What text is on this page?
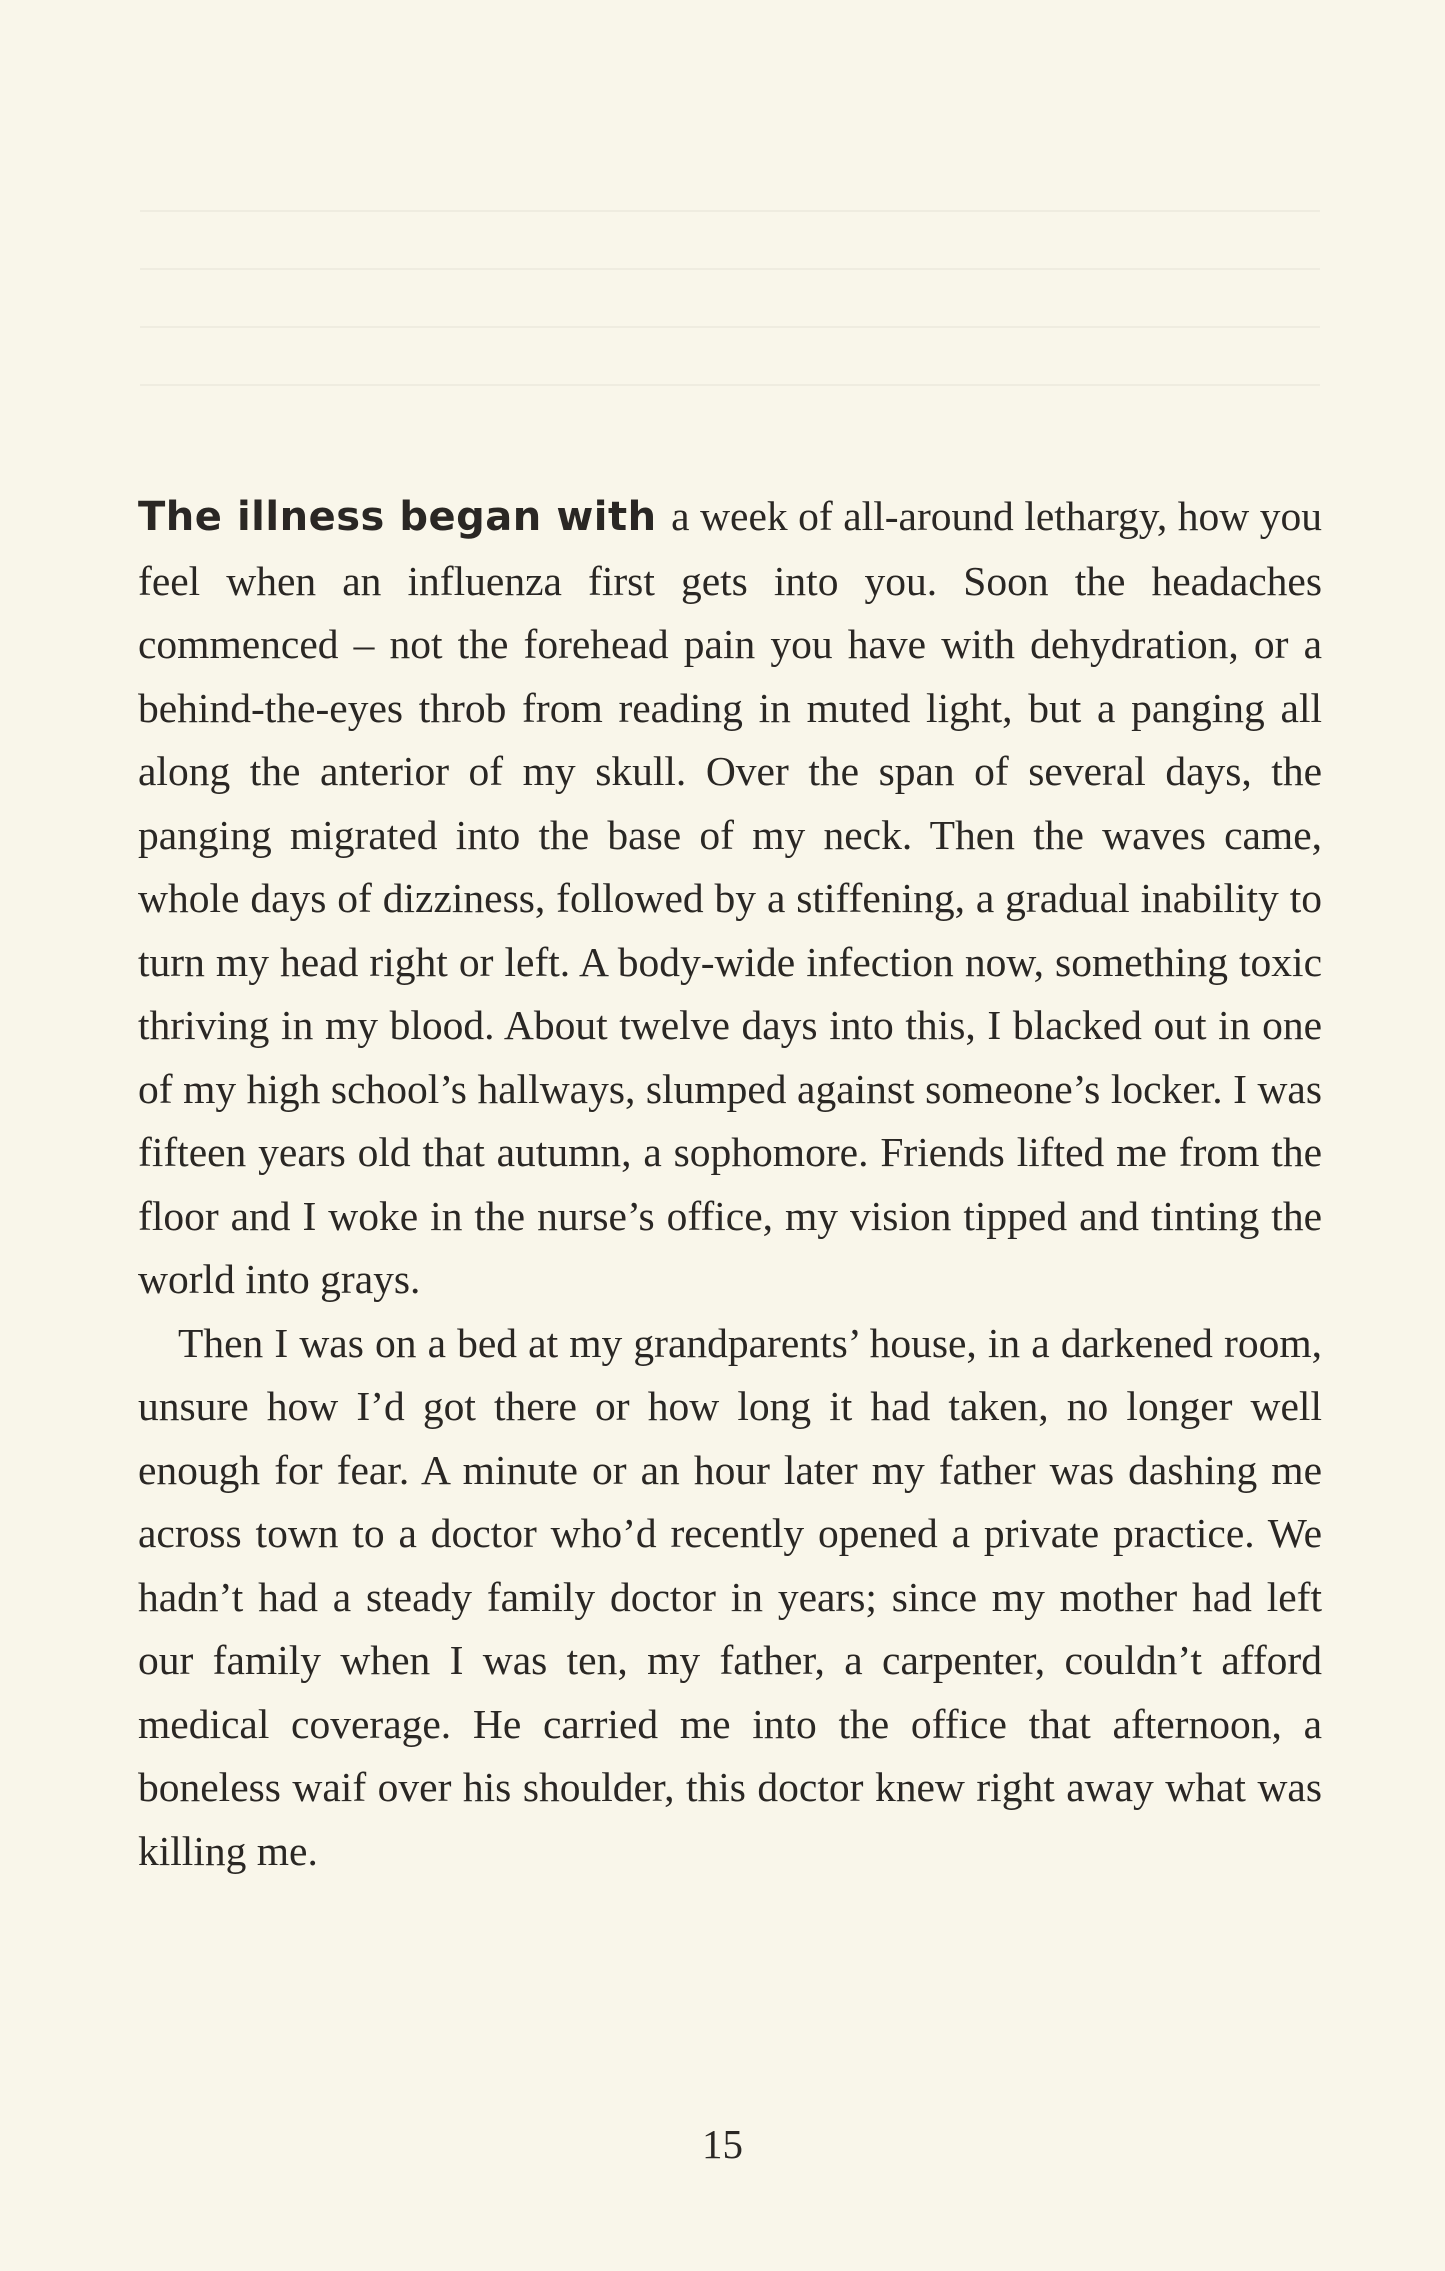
The illness began with a week of all-around lethargy, how you feel when an influenza first gets into you. Soon the headaches commenced – not the forehead pain you have with dehydration, or a behind-the-eyes throb from reading in muted light, but a panging all along the anterior of my skull. Over the span of several days, the panging migrated into the base of my neck. Then the waves came, whole days of dizziness, followed by a stiffening, a gradual inability to turn my head right or left. A body-wide infection now, something toxic thriving in my blood. About twelve days into this, I blacked out in one of my high school’s hallways, slumped against someone’s locker. I was fifteen years old that autumn, a sophomore. Friends lifted me from the floor and I woke in the nurse’s office, my vision tipped and tinting the world into grays.

Then I was on a bed at my grandparents’ house, in a darkened room, unsure how I’d got there or how long it had taken, no longer well enough for fear. A minute or an hour later my father was dashing me across town to a doctor who’d recently opened a private practice. We hadn’t had a steady family doctor in years; since my mother had left our family when I was ten, my father, a carpenter, couldn’t afford medical coverage. He carried me into the office that afternoon, a boneless waif over his shoulder, this doctor knew right away what was killing me.

15
